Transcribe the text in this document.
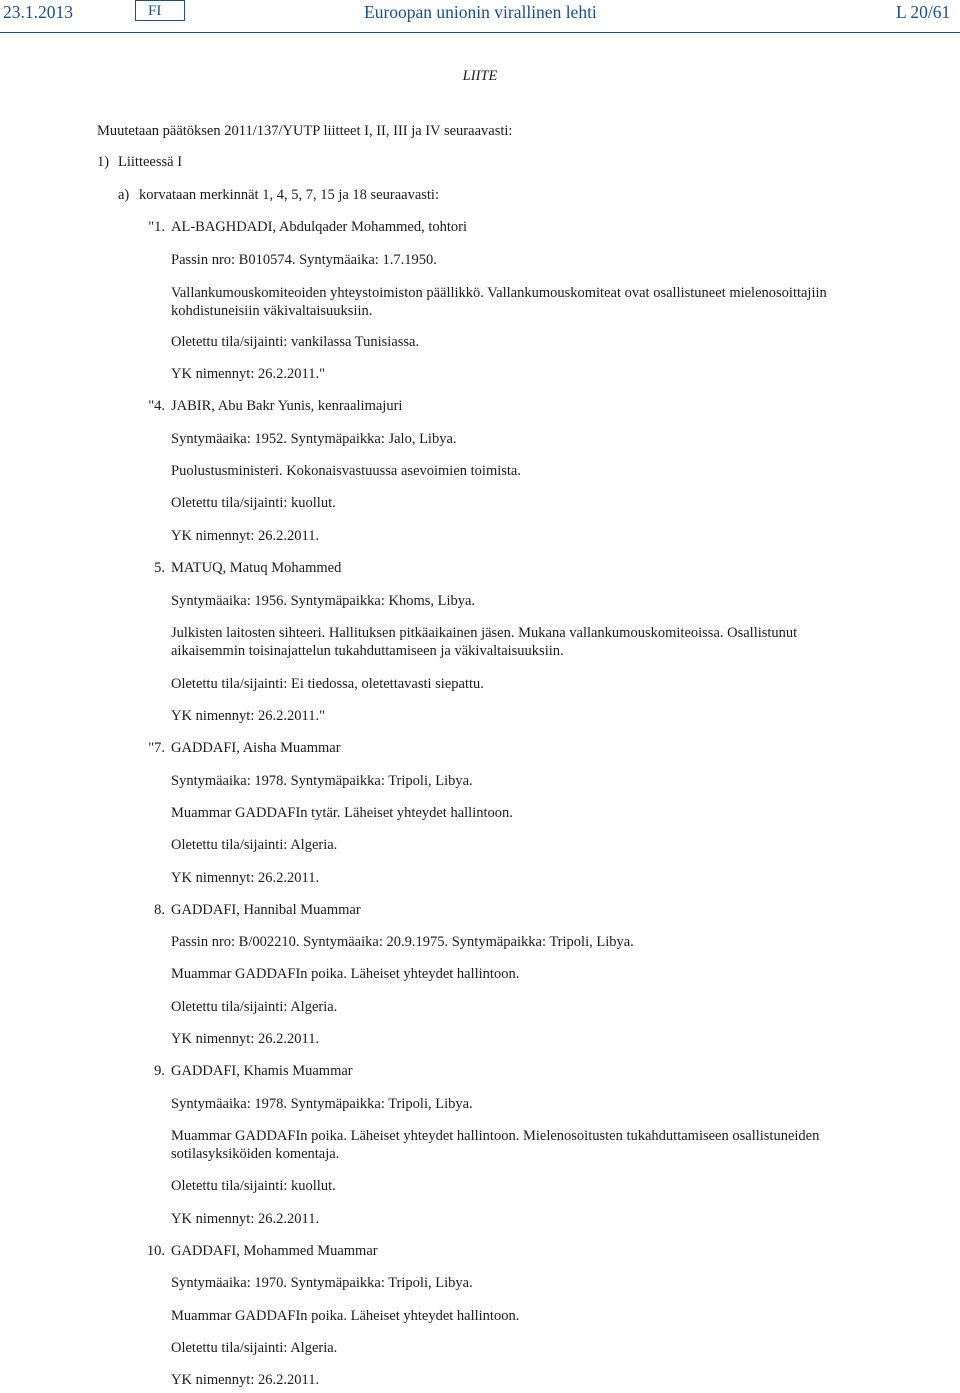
23.1.2013	FI	Euroopan unionin virallinen lehti	L 20/61
LIITE
Muutetaan päätöksen 2011/137/YUTP liitteet I, II, III ja IV seuraavasti:
1) Liitteessä I
a) korvataan merkinnät 1, 4, 5, 7, 15 ja 18 seuraavasti:
"1. AL-BAGHDADI, Abdulqader Mohammed, tohtori
Passin nro: B010574. Syntymäaika: 1.7.1950.
Vallankumouskomiteoiden yhteystoimiston päällikkö. Vallankumouskomiteat ovat osallistuneet mielenosoittajiin kohdistuneisiin väkivaltaisuuksiin.
Oletettu tila/sijainti: vankilassa Tunisiassa.
YK nimennyt: 26.2.2011."
"4. JABIR, Abu Bakr Yunis, kenraalimajuri
Syntymäaika: 1952. Syntymäpaikka: Jalo, Libya.
Puolustusministeri. Kokonaisvastuussa asevoimien toimista.
Oletettu tila/sijainti: kuollut.
YK nimennyt: 26.2.2011.
5. MATUQ, Matuq Mohammed
Syntymäaika: 1956. Syntymäpaikka: Khoms, Libya.
Julkisten laitosten sihteeri. Hallituksen pitkäaikainen jäsen. Mukana vallankumouskomiteoissa. Osallistunut aikaisemmin toisinajattelun tukahduttamiseen ja väkivaltaisuuksiin.
Oletettu tila/sijainti: Ei tiedossa, oletettavasti siepattu.
YK nimennyt: 26.2.2011."
"7. GADDAFI, Aisha Muammar
Syntymäaika: 1978. Syntymäpaikka: Tripoli, Libya.
Muammar GADDAFIn tytär. Läheiset yhteydet hallintoon.
Oletettu tila/sijainti: Algeria.
YK nimennyt: 26.2.2011.
8. GADDAFI, Hannibal Muammar
Passin nro: B/002210. Syntymäaika: 20.9.1975. Syntymäpaikka: Tripoli, Libya.
Muammar GADDAFIn poika. Läheiset yhteydet hallintoon.
Oletettu tila/sijainti: Algeria.
YK nimennyt: 26.2.2011.
9. GADDAFI, Khamis Muammar
Syntymäaika: 1978. Syntymäpaikka: Tripoli, Libya.
Muammar GADDAFIn poika. Läheiset yhteydet hallintoon. Mielenosoitusten tukahduttamiseen osallistuneiden sotilasyksiköiden komentaja.
Oletettu tila/sijainti: kuollut.
YK nimennyt: 26.2.2011.
10. GADDAFI, Mohammed Muammar
Syntymäaika: 1970. Syntymäpaikka: Tripoli, Libya.
Muammar GADDAFIn poika. Läheiset yhteydet hallintoon.
Oletettu tila/sijainti: Algeria.
YK nimennyt: 26.2.2011.
